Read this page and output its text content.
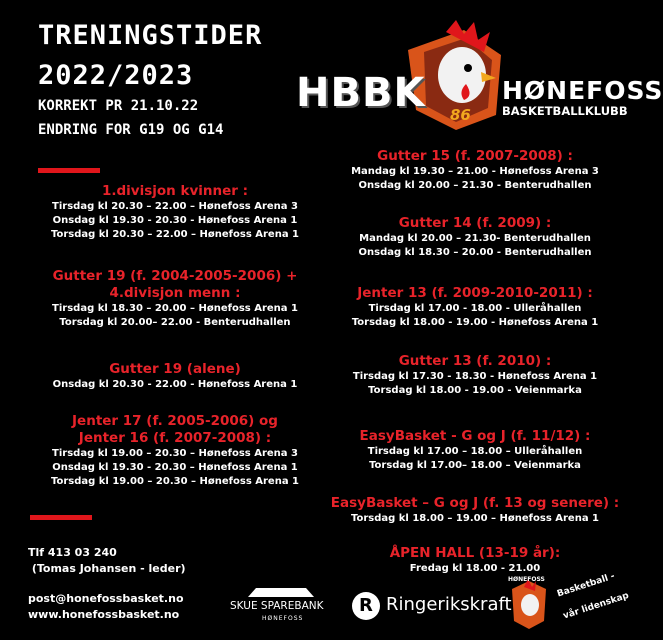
TRENINGSTIDER
2022/2023
KORREKT PR 21.10.22
ENDRING FOR G19 OG G14
HBBK 86
HØNEFOSS
BASKETBALLKLUBB
1.divisjon kvinner :
Tirsdag kl 20.30 – 22.00 – Hønefoss Arena 3
Onsdag kl 19.30 - 20.30 - Hønefoss Arena 1
Torsdag kl 20.30 – 22.00 – Hønefoss Arena 1
Gutter 19 (f. 2004-2005-2006) +
4.divisjon menn :
Tirsdag kl 18.30 – 20.00 – Hønefoss Arena 1
Torsdag kl 20.00– 22.00 - Benterudhallen
Gutter 19 (alene)
Onsdag kl 20.30 - 22.00 - Hønefoss Arena 1
Jenter 17 (f. 2005-2006) og
Jenter 16 (f. 2007-2008) :
Tirsdag kl 19.00 – 20.30 – Hønefoss Arena 3
Onsdag kl 19.30 - 20.30 – Hønefoss Arena 1
Torsdag kl 19.00 – 20.30 – Hønefoss Arena 1
Gutter 15 (f. 2007-2008) :
Mandag kl 19.30 – 21.00 - Hønefoss Arena 3
Onsdag kl 20.00 – 21.30 - Benterudhallen
Gutter 14 (f. 2009) :
Mandag kl 20.00 – 21.30- Benterudhallen
Onsdag kl 18.30 – 20.00 - Benterudhallen
Jenter 13 (f. 2009-2010-2011) :
Tirsdag kl 17.00 - 18.00 - Ulleråhallen
Torsdag kl 18.00 - 19.00 - Hønefoss Arena 1
Gutter 13 (f. 2010) :
Tirsdag kl 17.30 - 18.30 - Hønefoss Arena 1
Torsdag kl 18.00 - 19.00 - Veienmarka
EasyBasket - G og J (f. 11/12) :
Tirsdag kl 17.00 – 18.00 – Ulleråhallen
Torsdag kl 17.00– 18.00 – Veienmarka
EasyBasket – G og J (f. 13 og senere) :
Torsdag kl 18.00 – 19.00 – Hønefoss Arena 1
ÅPEN HALL (13-19 år):
Fredag kl 18.00 - 21.00
Tlf 413 03 240
(Tomas Johansen - leder)
post@honefossbasket.no
www.honefossbasket.no
SKUE SPAREBANK
HØNEFOSS
R Ringerikskraft
HØNEFOSS Basketball -
vår lidenskap
